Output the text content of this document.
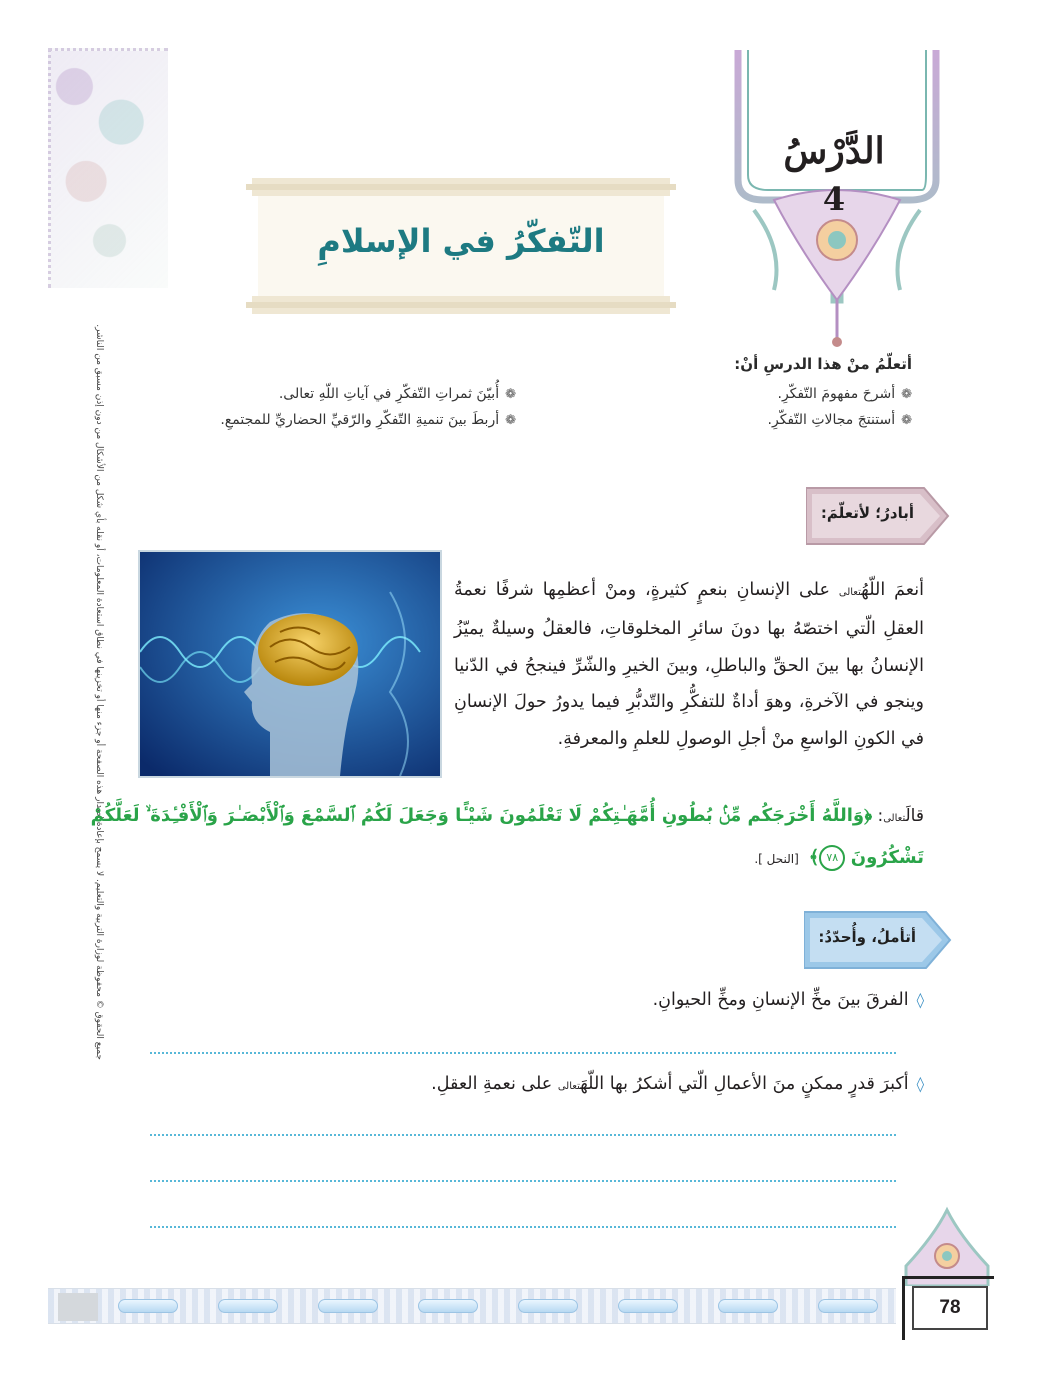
الدَّرْسُ
4
التّفكّرُ في الإسلامِ
جميع الحقوق © محفوظة لوزارة التربية والتعليم. لا يسمح بإعادة إصدار هذه الصفحة أو جزء منها أو تخزينها في نطاق استعادة المعلومات، أو نقله بأي شكل من الأشكال من دون إذن مسبق من الناشر.	أتعلّمُ منْ هذا الدرسِ أنْ:
❁أشرحَ مفهومَ التّفكّرِ.
❁أستنتجَ مجالاتِ التّفكّرِ.
❁أُبيّنَ ثمراتِ التّفكّرِ في آياتِ اللّهِ تعالى.
❁أربطَ بينَ تنميةِ التّفكّرِ والرّقيِّ الحضاريِّ للمجتمعِ.
أبادرُ؛ لأتعلّمَ:
أنعمَ اللّهُتعالى على الإنسانِ بنعمٍ كثيرةٍ، ومنْ أعظمِها شرفًا نعمةُ العقلِ الّتي اختصّهُ بها دونَ سائرِ المخلوقاتِ، فالعقلُ وسيلةٌ يميّزُ الإنسانُ بها بينَ الحقِّ والباطلِ، وبينَ الخيرِ والشّرِّ فينجحُ في الدّنيا وينجو في الآخرةِ، وهوَ أداةٌ للتفكُّرِ والتّدبُّرِ فيما يدورُ حولَ الإنسانِ في الكونِ الواسعِ منْ أجلِ الوصولِ للعلمِ والمعرفةِ.
قالَتعالى: ﴿وَاللَّهُ أَخْرَجَكُم مِّنۢ بُطُونِ أُمَّهَـٰتِكُمْ لَا تَعْلَمُونَ شَيْـًٔا وَجَعَلَ لَكُمُ ٱلسَّمْعَ وَٱلْأَبْصَـٰرَ وَٱلْأَفْـِٔدَةَ ۙ لَعَلَّكُمْ
تَشْكُرُونَ ٧٨﴾[النحل ].
أتأملُ، وأُحدّدُ:
◊الفرقَ بينَ مخِّ الإنسانِ ومخِّ الحيوانِ.
◊أكبرَ قدرٍ ممكنٍ منَ الأعمالِ الّتي أشكرُ بها اللّهَتعالى على نعمةِ العقلِ.
78
